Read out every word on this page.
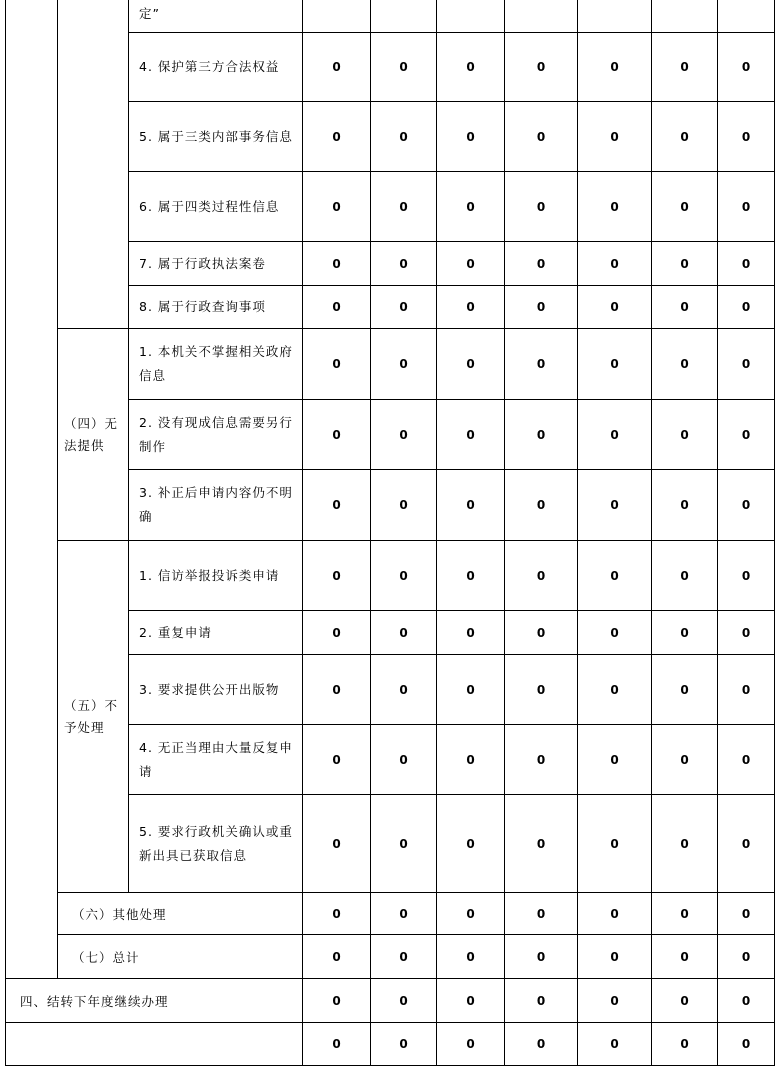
		定”							
		4. 保护第三方合法权益	0	0	0	0	0	0	0
		5. 属于三类内部事务信息	0	0	0	0	0	0	0
		6. 属于四类过程性信息	0	0	0	0	0	0	0
		7. 属于行政执法案卷	0	0	0	0	0	0	0
		8. 属于行政查询事项	0	0	0	0	0	0	0
	（四）无法提供	1. 本机关不掌握相关政府信息	0	0	0	0	0	0	0
		2. 没有现成信息需要另行制作	0	0	0	0	0	0	0
		3. 补正后申请内容仍不明确	0	0	0	0	0	0	0
	（五）不予处理	1. 信访举报投诉类申请	0	0	0	0	0	0	0
		2. 重复申请	0	0	0	0	0	0	0
		3. 要求提供公开出版物	0	0	0	0	0	0	0
		4. 无正当理由大量反复申请	0	0	0	0	0	0	0
		5. 要求行政机关确认或重新出具已获取信息	0	0	0	0	0	0	0
	（六）其他处理		0	0	0	0	0	0	0
	（七）总计		0	0	0	0	0	0	0
四、结转下年度继续办理			0	0	0	0	0	0	0
			0	0	0	0	0	0	0
